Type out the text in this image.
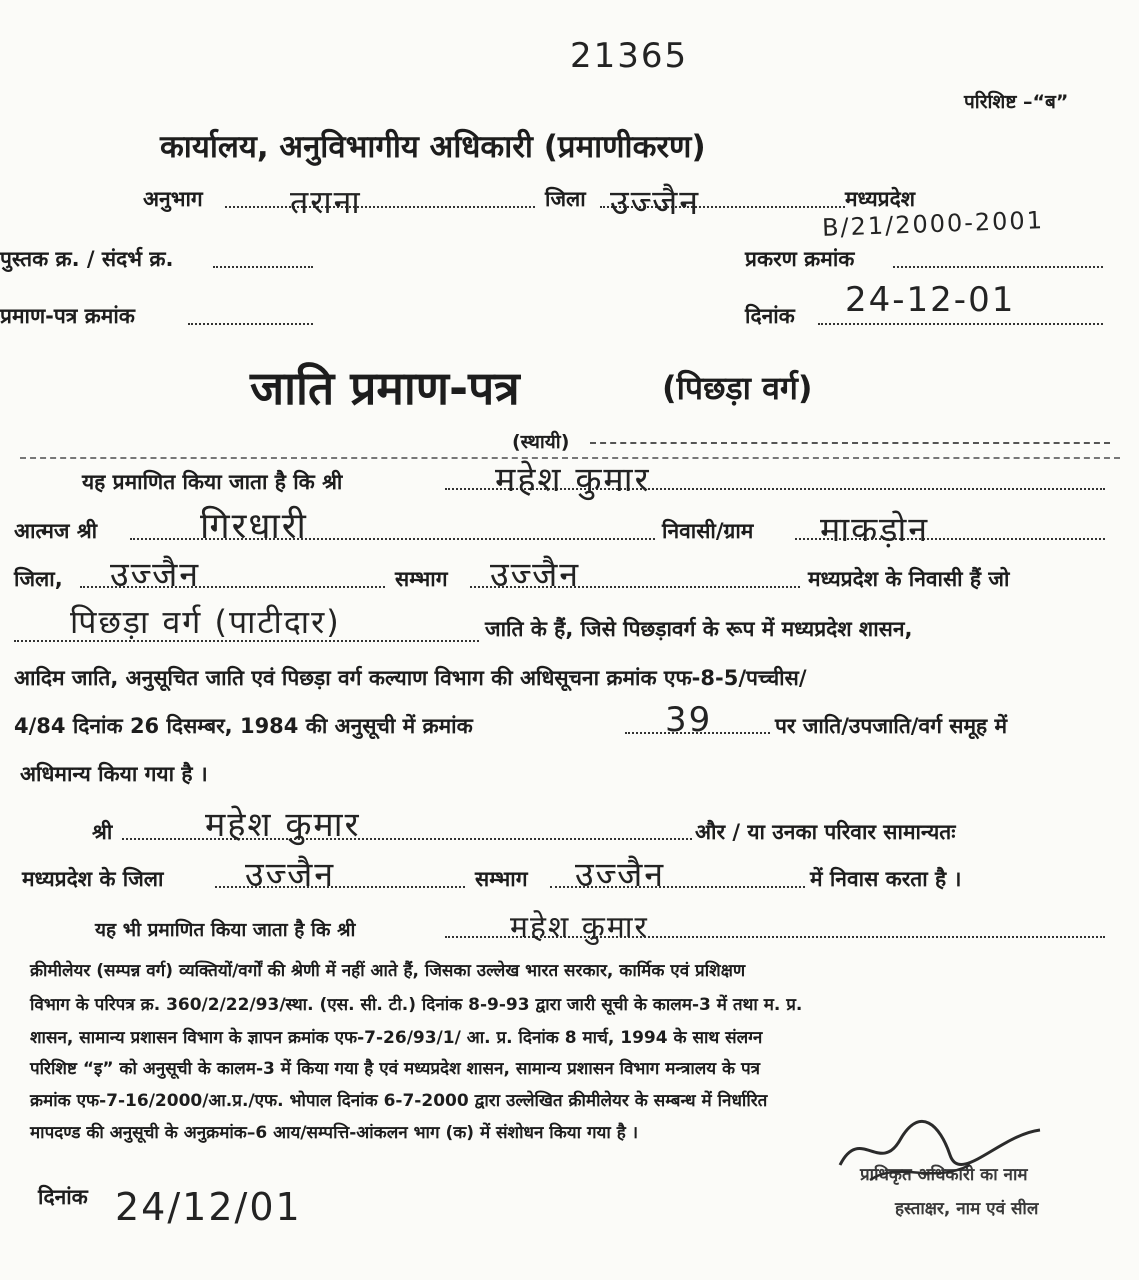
21365
परिशिष्ट –“ब”
कार्यालय, अनुविभागीय अधिकारी (प्रमाणीकरण)
अनुभाग	तराना	जिला उज्जैन	मध्यप्रदेश
B/21/2000-2001
पुस्तक क्र. / संदर्भ क्र.	प्रकरण क्रमांक
प्रमाण-पत्र क्रमांक	दिनांक 24-12-01
जाति प्रमाण-पत्र	(पिछड़ा वर्ग)
(स्थायी)
यह प्रमाणित किया जाता है कि श्री	महेश कुमार
आत्मज श्री	गिरधारी	निवासी/ग्राम माकड़ोन
जिला, उज्जैन	सम्भाग उज्जैन	मध्यप्रदेश के निवासी हैं जो
पिछड़ा वर्ग (पाटीदार)	जाति के हैं, जिसे पिछड़ावर्ग के रूप में मध्यप्रदेश शासन,
आदिम जाति, अनुसूचित जाति एवं पिछड़ा वर्ग कल्याण विभाग की अधिसूचना क्रमांक एफ-8-5/पच्चीस/
4/84 दिनांक 26 दिसम्बर, 1984 की अनुसूची में क्रमांक	39	पर जाति/उपजाति/वर्ग समूह में
अधिमान्य किया गया है ।
श्री	महेश कुमार	और / या उनका परिवार सामान्यतः
मध्यप्रदेश के जिला उज्जैन	सम्भाग उज्जैन	में निवास करता है ।
यह भी प्रमाणित किया जाता है कि श्री	महेश कुमार
क्रीमीलेयर (सम्पन्न वर्ग) व्यक्तियों/वर्गों की श्रेणी में नहीं आते हैं, जिसका उल्लेख भारत सरकार, कार्मिक एवं प्रशिक्षण
विभाग के परिपत्र क्र. 360/2/22/93/स्था. (एस. सी. टी.) दिनांक 8-9-93 द्वारा जारी सूची के कालम-3 में तथा म. प्र.
शासन, सामान्य प्रशासन विभाग के ज्ञापन क्रमांक एफ-7-26/93/1/ आ. प्र. दिनांक 8 मार्च, 1994 के साथ संलग्न
परिशिष्ट “इ” को अनुसूची के कालम-3 में किया गया है एवं मध्यप्रदेश शासन, सामान्य प्रशासन विभाग मन्त्रालय के पत्र
क्रमांक एफ-7-16/2000/आ.प्र./एफ. भोपाल दिनांक 6-7-2000 द्वारा उल्लेखित क्रीमीलेयर के सम्बन्ध में निर्धारित
मापदण्ड की अनुसूची के अनुक्रमांक–6 आय/सम्पत्ति-आंकलन भाग (क) में संशोधन किया गया है ।
प्राधिकृत अधिकारी का नाम
हस्ताक्षर, नाम एवं सील
दिनांक 24/12/01
